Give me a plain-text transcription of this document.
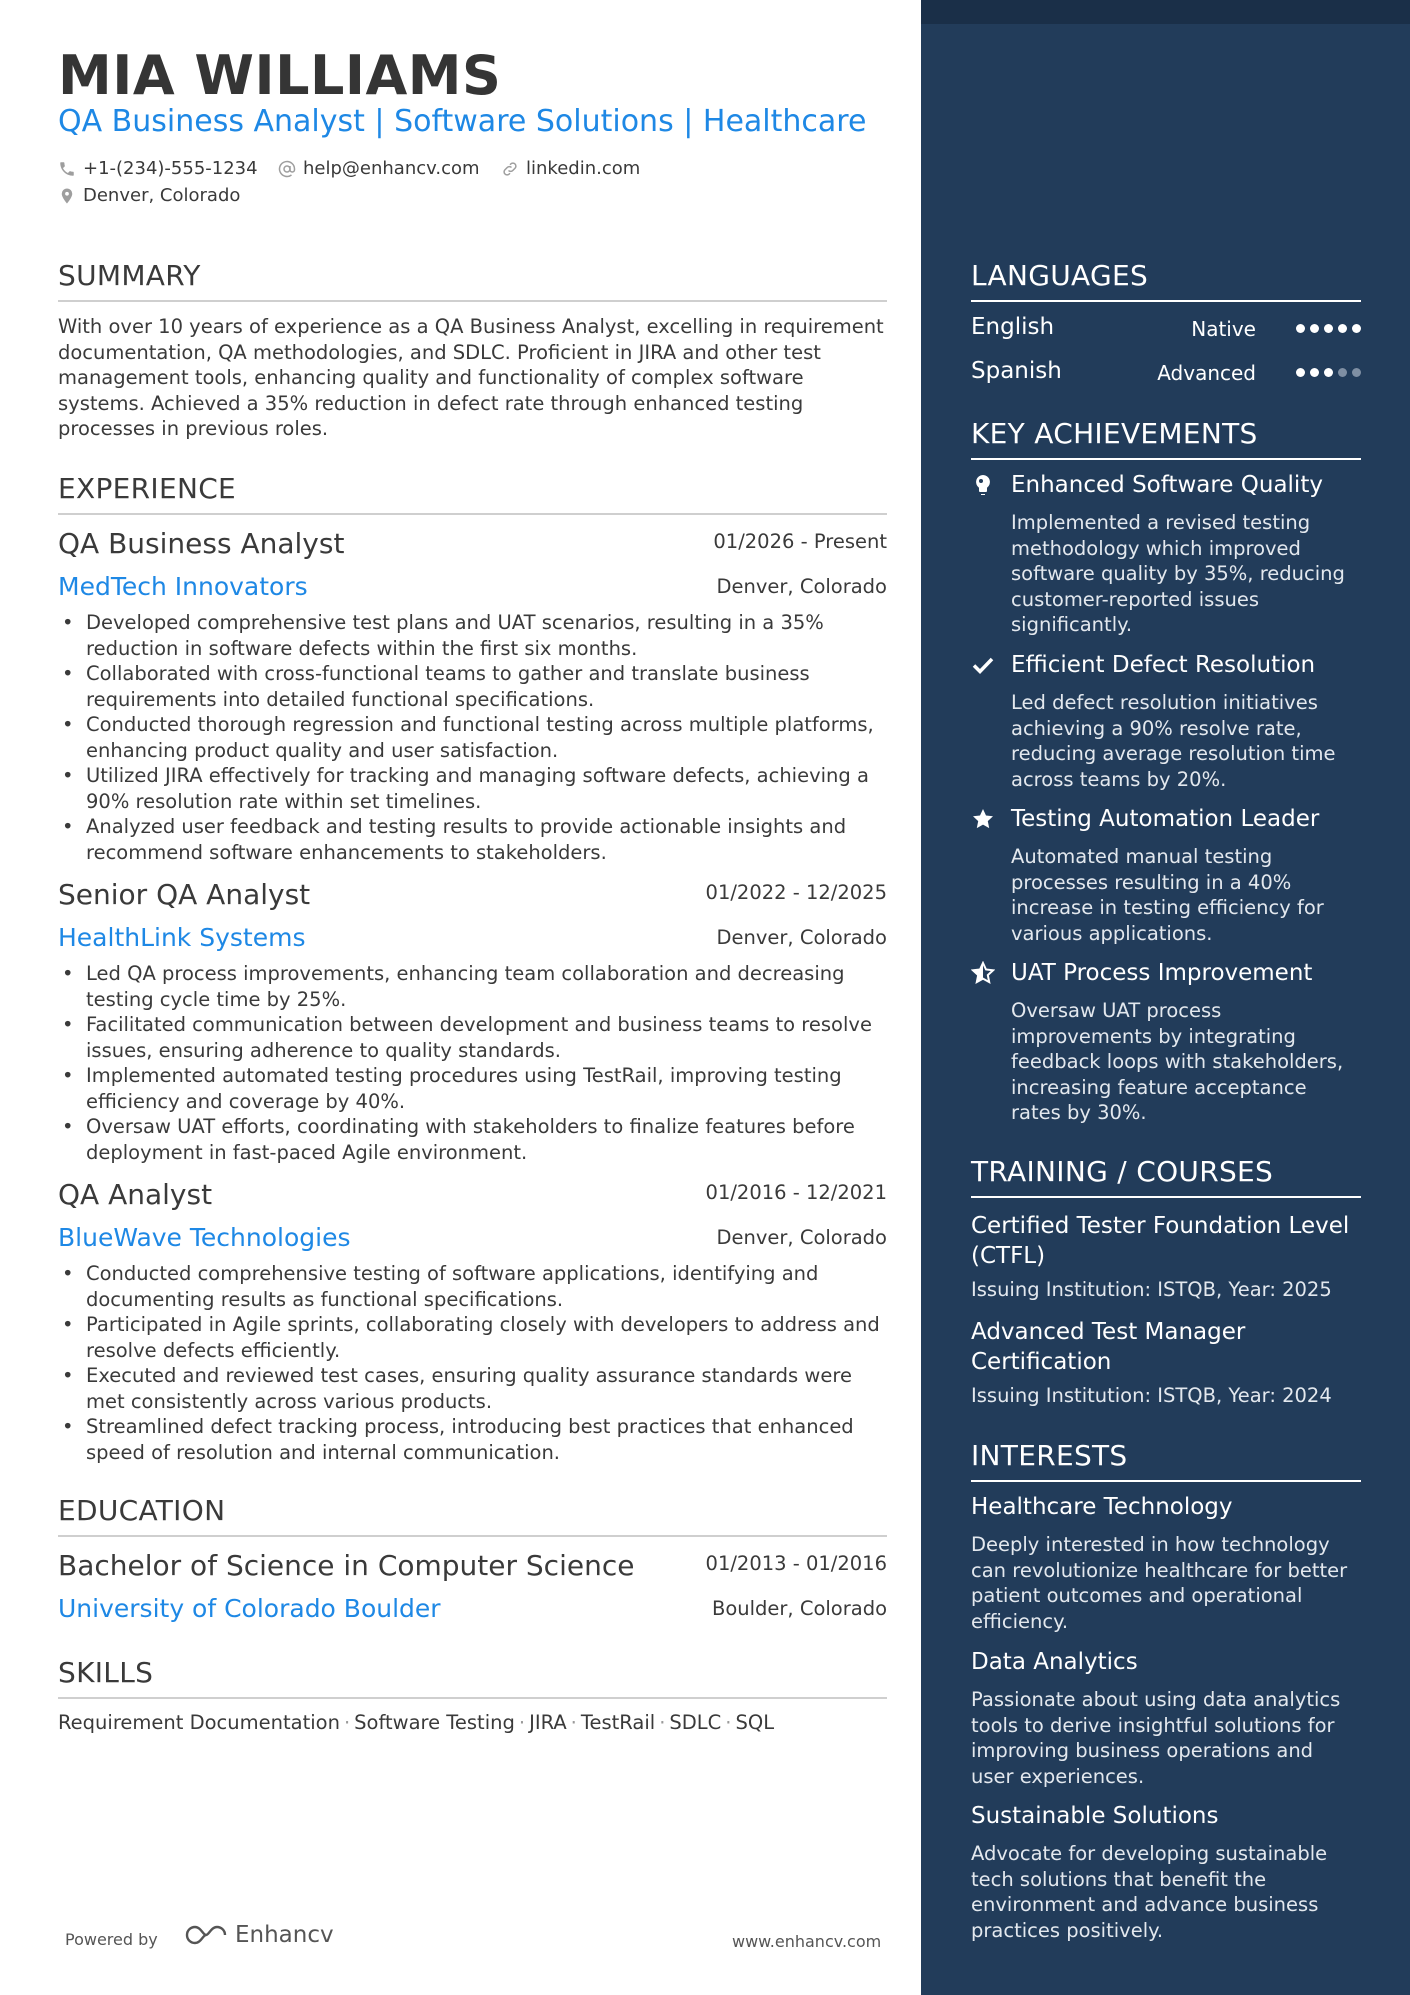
MIA WILLIAMS
QA Business Analyst | Software Solutions | Healthcare
+1-(234)-555-1234	help@enhancv.com	linkedin.com
Denver, Colorado
SUMMARY
With over 10 years of experience as a QA Business Analyst, excelling in requirement documentation, QA methodologies, and SDLC. Proficient in JIRA and other test management tools, enhancing quality and functionality of complex software systems. Achieved a 35% reduction in defect rate through enhanced testing processes in previous roles.
EXPERIENCE
QA Business Analyst	01/2026 - Present
MedTech Innovators	Denver, Colorado
• Developed comprehensive test plans and UAT scenarios, resulting in a 35% reduction in software defects within the first six months.
• Collaborated with cross-functional teams to gather and translate business requirements into detailed functional specifications.
• Conducted thorough regression and functional testing across multiple platforms, enhancing product quality and user satisfaction.
• Utilized JIRA effectively for tracking and managing software defects, achieving a 90% resolution rate within set timelines.
• Analyzed user feedback and testing results to provide actionable insights and recommend software enhancements to stakeholders.
Senior QA Analyst	01/2022 - 12/2025
HealthLink Systems	Denver, Colorado
• Led QA process improvements, enhancing team collaboration and decreasing testing cycle time by 25%.
• Facilitated communication between development and business teams to resolve issues, ensuring adherence to quality standards.
• Implemented automated testing procedures using TestRail, improving testing efficiency and coverage by 40%.
• Oversaw UAT efforts, coordinating with stakeholders to finalize features before deployment in fast-paced Agile environment.
QA Analyst	01/2016 - 12/2021
BlueWave Technologies	Denver, Colorado
• Conducted comprehensive testing of software applications, identifying and documenting results as functional specifications.
• Participated in Agile sprints, collaborating closely with developers to address and resolve defects efficiently.
• Executed and reviewed test cases, ensuring quality assurance standards were met consistently across various products.
• Streamlined defect tracking process, introducing best practices that enhanced speed of resolution and internal communication.
EDUCATION
Bachelor of Science in Computer Science	01/2013 - 01/2016
University of Colorado Boulder	Boulder, Colorado
SKILLS
Requirement Documentation · Software Testing · JIRA · TestRail · SDLC · SQL
Powered by	Enhancv	www.enhancv.com
LANGUAGES
English	Native
Spanish	Advanced
KEY ACHIEVEMENTS
Enhanced Software Quality
Implemented a revised testing methodology which improved software quality by 35%, reducing customer-reported issues significantly.
Efficient Defect Resolution
Led defect resolution initiatives achieving a 90% resolve rate, reducing average resolution time across teams by 20%.
Testing Automation Leader
Automated manual testing processes resulting in a 40% increase in testing efficiency for various applications.
UAT Process Improvement
Oversaw UAT process improvements by integrating feedback loops with stakeholders, increasing feature acceptance rates by 30%.
TRAINING / COURSES
Certified Tester Foundation Level (CTFL)
Issuing Institution: ISTQB, Year: 2025
Advanced Test Manager Certification
Issuing Institution: ISTQB, Year: 2024
INTERESTS
Healthcare Technology
Deeply interested in how technology can revolutionize healthcare for better patient outcomes and operational efficiency.
Data Analytics
Passionate about using data analytics tools to derive insightful solutions for improving business operations and user experiences.
Sustainable Solutions
Advocate for developing sustainable tech solutions that benefit the environment and advance business practices positively.
